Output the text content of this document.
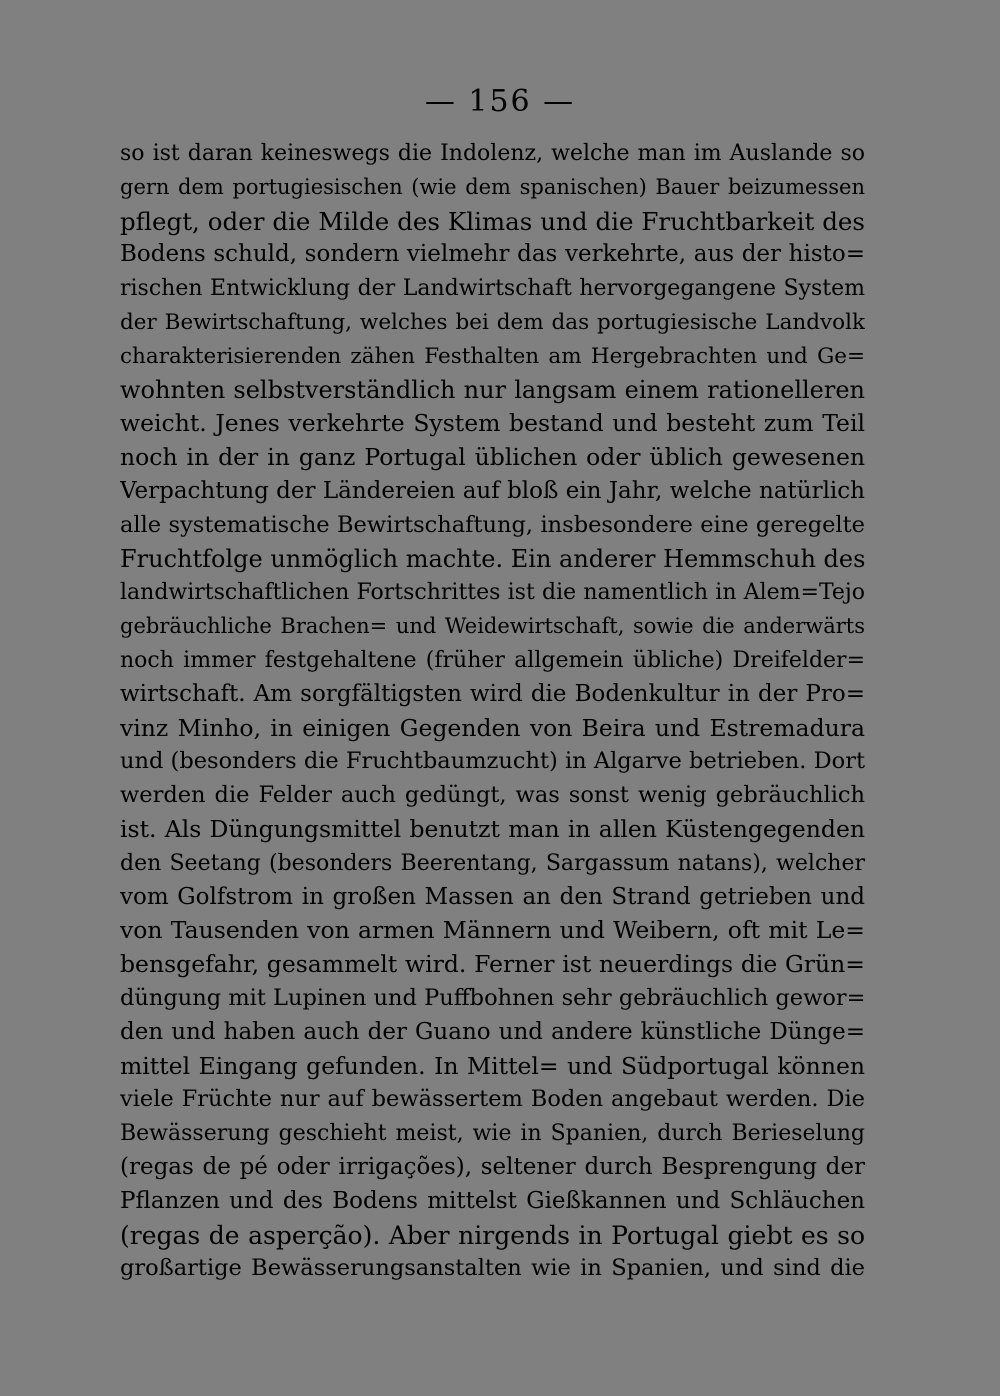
— 156 —
so ist daran keineswegs die Indolenz, welche man im Auslande so
gern dem portugiesischen (wie dem spanischen) Bauer beizumessen
pflegt, oder die Milde des Klimas und die Fruchtbarkeit des
Bodens schuld, sondern vielmehr das verkehrte, aus der histo=
rischen Entwicklung der Landwirtschaft hervorgegangene System
der Bewirtschaftung, welches bei dem das portugiesische Landvolk
charakterisierenden zähen Festhalten am Hergebrachten und Ge=
wohnten selbstverständlich nur langsam einem rationelleren
weicht. Jenes verkehrte System bestand und besteht zum Teil
noch in der in ganz Portugal üblichen oder üblich gewesenen
Verpachtung der Ländereien auf bloß ein Jahr, welche natürlich
alle systematische Bewirtschaftung, insbesondere eine geregelte
Fruchtfolge unmöglich machte. Ein anderer Hemmschuh des
landwirtschaftlichen Fortschrittes ist die namentlich in Alem=Tejo
gebräuchliche Brachen= und Weidewirtschaft, sowie die anderwärts
noch immer festgehaltene (früher allgemein übliche) Dreifelder=
wirtschaft. Am sorgfältigsten wird die Bodenkultur in der Pro=
vinz Minho, in einigen Gegenden von Beira und Estremadura
und (besonders die Fruchtbaumzucht) in Algarve betrieben. Dort
werden die Felder auch gedüngt, was sonst wenig gebräuchlich
ist. Als Düngungsmittel benutzt man in allen Küstengegenden
den Seetang (besonders Beerentang, Sargassum natans), welcher
vom Golfstrom in großen Massen an den Strand getrieben und
von Tausenden von armen Männern und Weibern, oft mit Le=
bensgefahr, gesammelt wird. Ferner ist neuerdings die Grün=
düngung mit Lupinen und Puffbohnen sehr gebräuchlich gewor=
den und haben auch der Guano und andere künstliche Dünge=
mittel Eingang gefunden. In Mittel= und Südportugal können
viele Früchte nur auf bewässertem Boden angebaut werden. Die
Bewässerung geschieht meist, wie in Spanien, durch Berieselung
(regas de pé oder irrigações), seltener durch Besprengung der
Pflanzen und des Bodens mittelst Gießkannen und Schläuchen
(regas de asperção). Aber nirgends in Portugal giebt es so
großartige Bewässerungsanstalten wie in Spanien, und sind die
